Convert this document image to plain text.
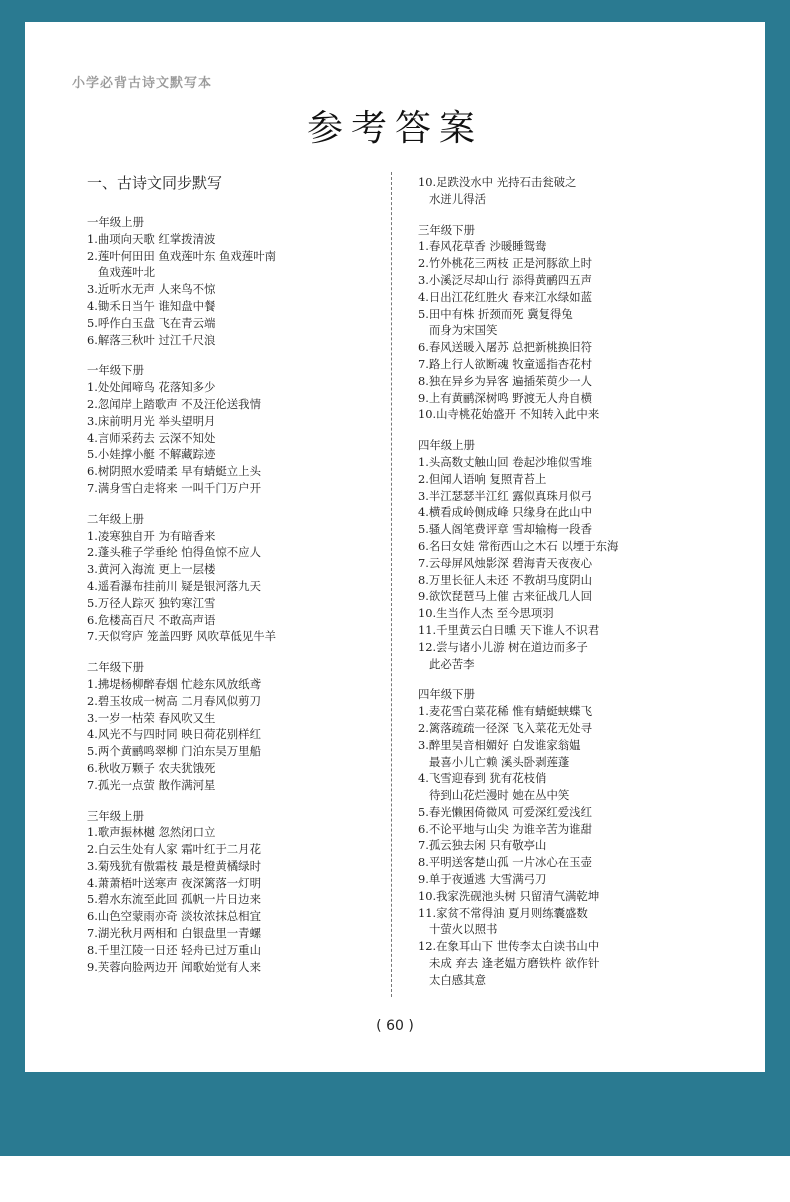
小学必背古诗文默写本
参考答案
一、古诗文同步默写
一年级上册
1.曲项向天歌 红掌拨清波
2.莲叶何田田 鱼戏莲叶东 鱼戏莲叶南
鱼戏莲叶北
3.近听水无声 人来鸟不惊
4.锄禾日当午 谁知盘中餐
5.呼作白玉盘 飞在青云端
6.解落三秋叶 过江千尺浪
一年级下册
1.处处闻啼鸟 花落知多少
2.忽闻岸上踏歌声 不及汪伦送我情
3.床前明月光 举头望明月
4.言师采药去 云深不知处
5.小娃撑小艇 不解藏踪迹
6.树阴照水爱晴柔 早有蜻蜓立上头
7.满身雪白走将来 一叫千门万户开
二年级上册
1.凌寒独自开 为有暗香来
2.蓬头稚子学垂纶 怕得鱼惊不应人
3.黄河入海流 更上一层楼
4.遥看瀑布挂前川 疑是银河落九天
5.万径人踪灭 独钓寒江雪
6.危楼高百尺 不敢高声语
7.天似穹庐 笼盖四野 风吹草低见牛羊
二年级下册
1.拂堤杨柳醉春烟 忙趁东风放纸鸢
2.碧玉妆成一树高 二月春风似剪刀
3.一岁一枯荣 春风吹又生
4.风光不与四时同 映日荷花别样红
5.两个黄鹂鸣翠柳 门泊东吴万里船
6.秋收万颗子 农夫犹饿死
7.孤光一点萤 散作满河星
三年级上册
1.歌声振林樾 忽然闭口立
2.白云生处有人家 霜叶红于二月花
3.菊残犹有傲霜枝 最是橙黄橘绿时
4.萧萧梧叶送寒声 夜深篱落一灯明
5.碧水东流至此回 孤帆一片日边来
6.山色空蒙雨亦奇 淡妆浓抹总相宜
7.湖光秋月两相和 白银盘里一青螺
8.千里江陵一日还 轻舟已过万重山
9.芙蓉向脸两边开 闻歌始觉有人来
10.足跌没水中 光持石击瓮破之
水迸儿得活
三年级下册
1.春风花草香 沙暖睡鸳鸯
2.竹外桃花三两枝 正是河豚欲上时
3.小溪泛尽却山行 添得黄鹂四五声
4.日出江花红胜火 春来江水绿如蓝
5.田中有株 折颈而死 冀复得兔
而身为宋国笑
6.春风送暖入屠苏 总把新桃换旧符
7.路上行人欲断魂 牧童遥指杏花村
8.独在异乡为异客 遍插茱萸少一人
9.上有黄鹂深树鸣 野渡无人舟自横
10.山寺桃花始盛开 不知转入此中来
四年级上册
1.头高数丈触山回 卷起沙堆似雪堆
2.但闻人语响 复照青苔上
3.半江瑟瑟半江红 露似真珠月似弓
4.横看成岭侧成峰 只缘身在此山中
5.骚人阁笔费评章 雪却输梅一段香
6.名曰女娃 常衔西山之木石 以堙于东海
7.云母屏风烛影深 碧海青天夜夜心
8.万里长征人未还 不教胡马度阴山
9.欲饮琵琶马上催 古来征战几人回
10.生当作人杰 至今思项羽
11.千里黄云白日曛 天下谁人不识君
12.尝与诸小儿游 树在道边而多子
此必苦李
四年级下册
1.麦花雪白菜花稀 惟有蜻蜓蛱蝶飞
2.篱落疏疏一径深 飞入菜花无处寻
3.醉里吴音相媚好 白发谁家翁媪
最喜小儿亡赖 溪头卧剥莲蓬
4.飞雪迎春到 犹有花枝俏
待到山花烂漫时 她在丛中笑
5.春光懒困倚微风 可爱深红爱浅红
6.不论平地与山尖 为谁辛苦为谁甜
7.孤云独去闲 只有敬亭山
8.平明送客楚山孤 一片冰心在玉壶
9.单于夜遁逃 大雪满弓刀
10.我家洗砚池头树 只留清气满乾坤
11.家贫不常得油 夏月则练囊盛数
十萤火以照书
12.在象耳山下 世传李太白读书山中
未成 弃去 逢老媪方磨铁杵 欲作针
太白感其意
( 60 )
